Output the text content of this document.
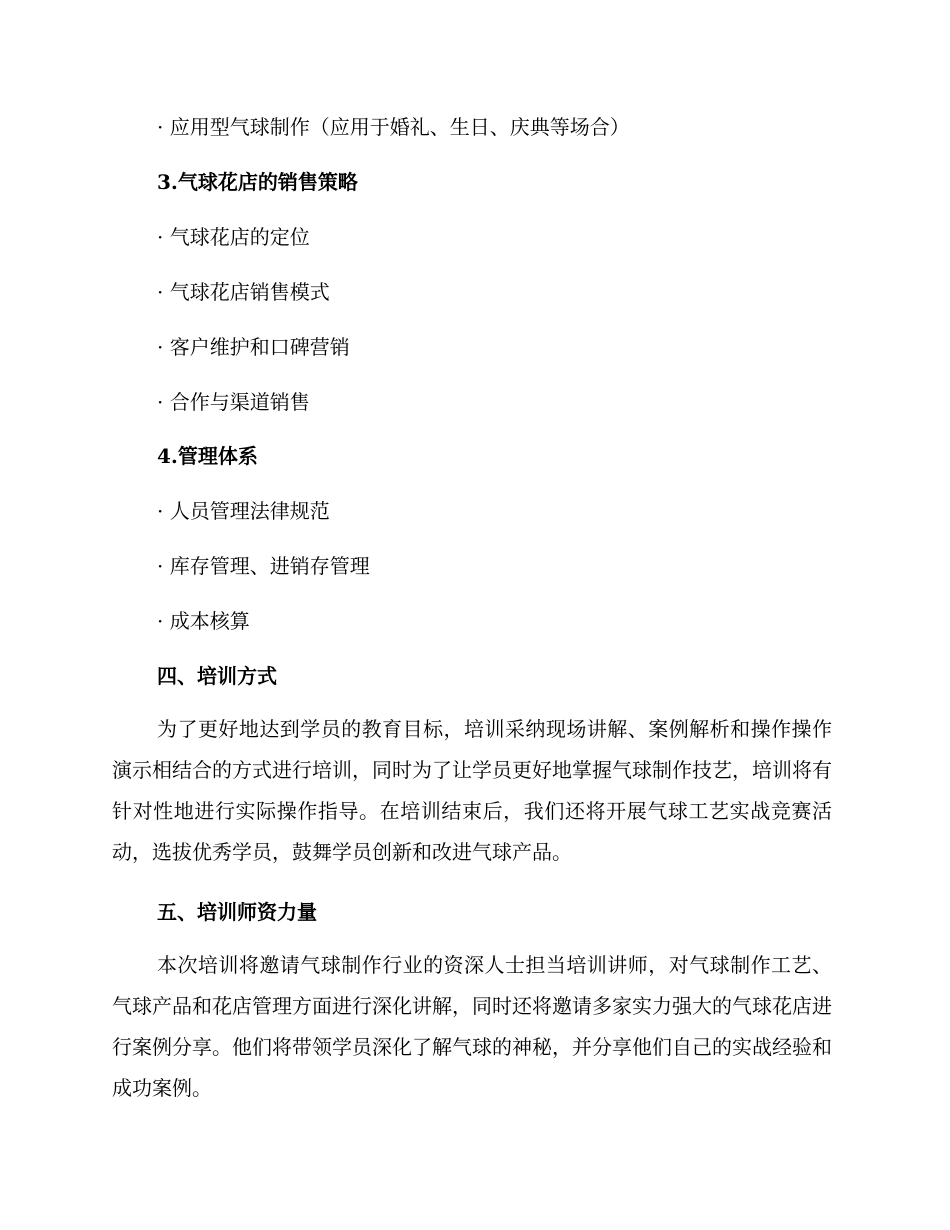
· 应用型气球制作（应用于婚礼、生日、庆典等场合）
3.气球花店的销售策略
· 气球花店的定位
· 气球花店销售模式
· 客户维护和口碑营销
· 合作与渠道销售
4.管理体系
· 人员管理法律规范
· 库存管理、进销存管理
· 成本核算
四、培训方式
为了更好地达到学员的教育目标，培训采纳现场讲解、案例解析和操作操作演示相结合的方式进行培训，同时为了让学员更好地掌握气球制作技艺，培训将有针对性地进行实际操作指导。在培训结束后，我们还将开展气球工艺实战竞赛活动，选拔优秀学员，鼓舞学员创新和改进气球产品。
五、培训师资力量
本次培训将邀请气球制作行业的资深人士担当培训讲师，对气球制作工艺、气球产品和花店管理方面进行深化讲解，同时还将邀请多家实力强大的气球花店进行案例分享。他们将带领学员深化了解气球的神秘，并分享他们自己的实战经验和成功案例。
